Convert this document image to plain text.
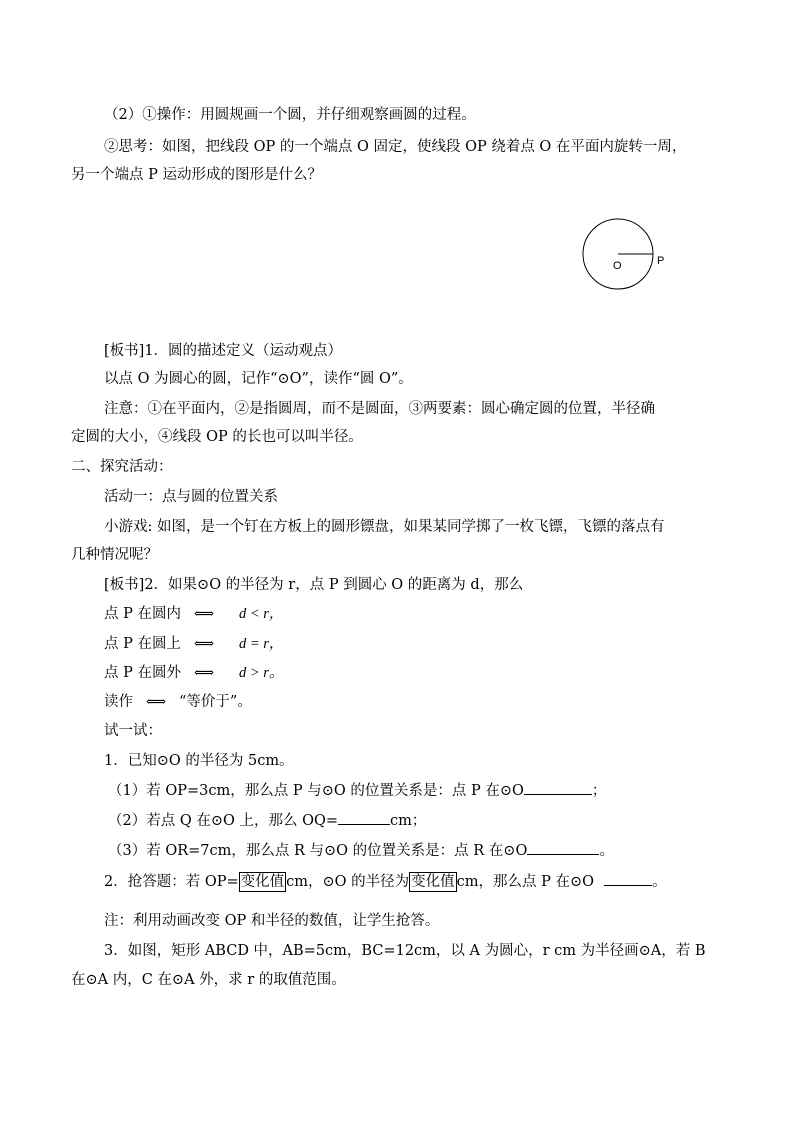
（2）①操作：用圆规画一个圆，并仔细观察画圆的过程。
②思考：如图，把线段 OP 的一个端点 O 固定，使线段 OP 绕着点 O 在平面内旋转一周，
另一个端点 P 运动形成的图形是什么？
O	P
[板书]1．圆的描述定义（运动观点）
以点 O 为圆心的圆，记作“⊙O”，读作“圆 O”。
注意：①在平面内，②是指圆周，而不是圆面，③两要素：圆心确定圆的位置，半径确
定圆的大小，④线段 OP 的长也可以叫半径。
二、探究活动：
活动一：点与圆的位置关系
小游戏: 如图，是一个钉在方板上的圆形镖盘，如果某同学掷了一枚飞镖，飞镖的落点有
几种情况呢？
[板书]2．如果⊙O 的半径为 r，点 P 到圆心 O 的距离为 d，那么
点 P 在圆内 ⟺ d < r，
点 P 在圆上 ⟺ d = r，
点 P 在圆外 ⟺ d > r。
读作 ⟺ “等价于”。
试一试：
1．已知⊙O 的半径为 5cm。
（1）若 OP=3cm，那么点 P 与⊙O 的位置关系是：点 P 在⊙O	；
（2）若点 Q 在⊙O 上，那么 OQ=	cm；
（3）若 OR=7cm，那么点 R 与⊙O 的位置关系是：点 R 在⊙O	。
2．抢答题：若 OP= 变化值 cm，⊙O 的半径为 变化值 cm，那么点 P 在⊙O	。
注：利用动画改变 OP 和半径的数值，让学生抢答。
3．如图，矩形 ABCD 中，AB=5cm，BC=12cm，以 A 为圆心，r cm 为半径画⊙A，若 B
在⊙A 内，C 在⊙A 外，求 r 的取值范围。
